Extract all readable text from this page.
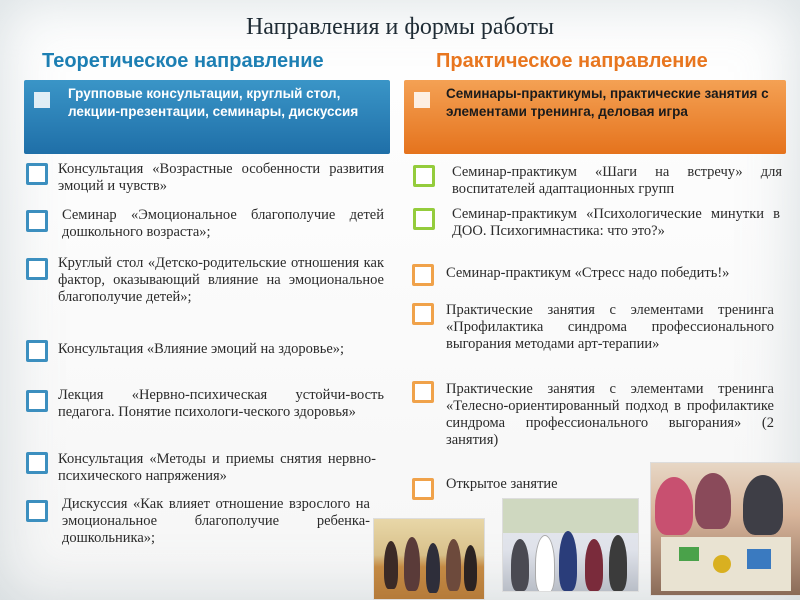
Направления и формы работы
Теоретическое направление	Практическое направление
Групповые консультации, круглый стол, лекции-презентации, семинары, дискуссия
Семинары-практикумы, практические занятия с элементами тренинга, деловая игра
Консультация «Возрастные особенности развития эмоций и чувств»
Семинар «Эмоциональное благополучие детей дошкольного возраста»;
Круглый стол «Детско-родительские отношения как фактор, оказывающий влияние на эмоциональное благополучие детей»;
Консультация «Влияние эмоций на здоровье»;
Лекция «Нервно-психическая устойчи-вость педагога. Понятие психологи-ческого здоровья»
Консультация «Методы и приемы снятия нервно-психического напряжения»
Дискуссия «Как влияет отношение взрослого на эмоциональное благополучие ребенка-дошкольника»;
Семинар-практикум «Шаги на встречу» для воспитателей адаптационных групп
Семинар-практикум «Психологические минутки в ДОО. Психогимнастика: что это?»
Семинар-практикум «Стресс надо победить!»
Практические занятия с элементами тренинга «Профилактика синдрома профессионального выгорания методами арт-терапии»
Практические занятия с элементами тренинга «Телесно-ориентированный подход в профилактике синдрома профессионального выгорания» (2 занятия)
Открытое занятие
